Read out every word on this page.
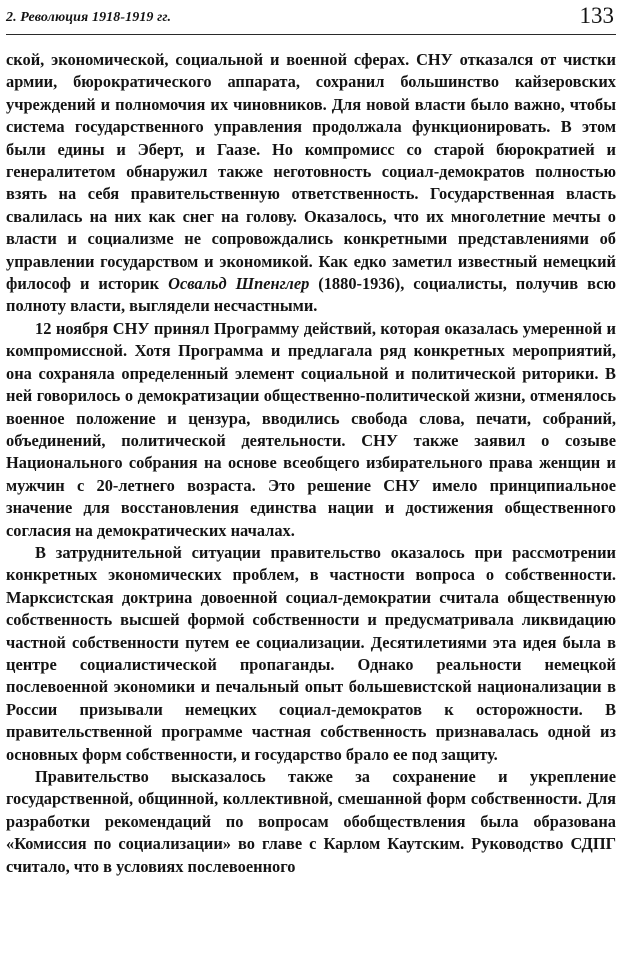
2. Революция 1918-1919 гг.	133

ской, экономической, социальной и военной сферах. СНУ отказался от чистки армии, бюрократического аппарата, сохранил большинство кайзеровских учреждений и полномочия их чиновников. Для новой власти было важно, чтобы система государственного управления продолжала функционировать. В этом были едины и Эберт, и Гаазе. Но компромисс со старой бюрократией и генералитетом обнаружил также неготовность социал-демократов полностью взять на себя правительственную ответственность. Государственная власть свалилась на них как снег на голову. Оказалось, что их многолетние мечты о власти и социализме не сопровождались конкретными представлениями об управлении государством и экономикой. Как едко заметил известный немецкий философ и историк Освальд Шпенглер (1880-1936), социалисты, получив всю полноту власти, выглядели несчастными.

12 ноября СНУ принял Программу действий, которая оказалась умеренной и компромиссной. Хотя Программа и предлагала ряд конкретных мероприятий, она сохраняла определенный элемент социальной и политической риторики. В ней говорилось о демократизации общественно-политической жизни, отменялось военное положение и цензура, вводились свобода слова, печати, собраний, объединений, политической деятельности. СНУ также заявил о созыве Национального собрания на основе всеобщего избирательного права женщин и мужчин с 20-летнего возраста. Это решение СНУ имело принципиальное значение для восстановления единства нации и достижения общественного согласия на демократических началах.

В затруднительной ситуации правительство оказалось при рассмотрении конкретных экономических проблем, в частности вопроса о собственности. Марксистская доктрина довоенной социал-демократии считала общественную собственность высшей формой собственности и предусматривала ликвидацию частной собственности путем ее социализации. Десятилетиями эта идея была в центре социалистической пропаганды. Однако реальности немецкой послевоенной экономики и печальный опыт большевистской национализации в России призывали немецких социал-демократов к осторожности. В правительственной программе частная собственность признавалась одной из основных форм собственности, и государство брало ее под защиту.

Правительство высказалось также за сохранение и укрепление государственной, общинной, коллективной, смешанной форм собственности. Для разработки рекомендаций по вопросам обобществления была образована «Комиссия по социализации» во главе с Карлом Каутским. Руководство СДПГ считало, что в условиях послевоенного
